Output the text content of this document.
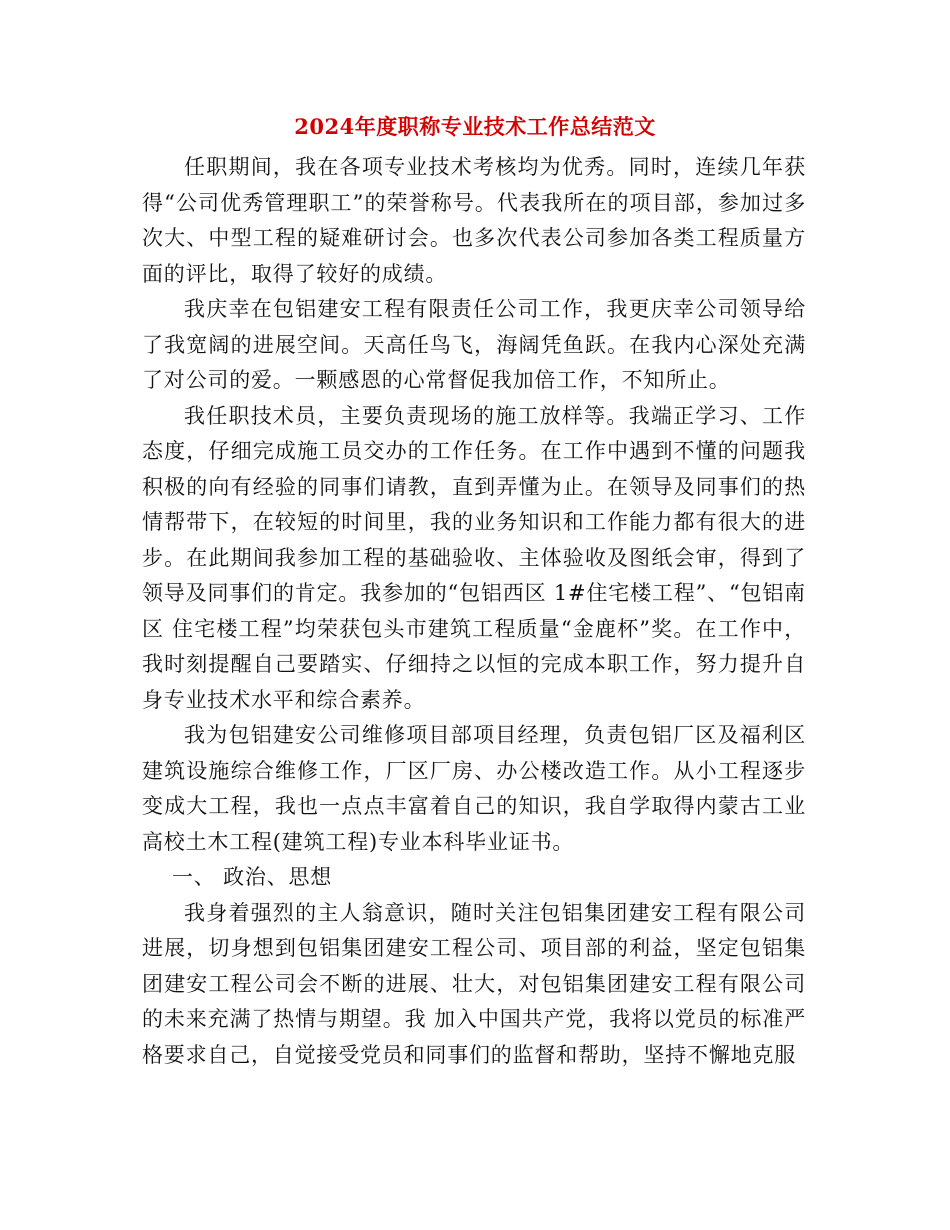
2024年度职称专业技术工作总结范文

任职期间，我在各项专业技术考核均为优秀。同时，连续几年获得“公司优秀管理职工”的荣誉称号。代表我所在的项目部，参加过多次大、中型工程的疑难研讨会。也多次代表公司参加各类工程质量方面的评比，取得了较好的成绩。

我庆幸在包铝建安工程有限责任公司工作，我更庆幸公司领导给了我宽阔的进展空间。天高任鸟飞，海阔凭鱼跃。在我内心深处充满了对公司的爱。一颗感恩的心常督促我加倍工作，不知所止。

我任职技术员，主要负责现场的施工放样等。我端正学习、工作态度，仔细完成施工员交办的工作任务。在工作中遇到不懂的问题我积极的向有经验的同事们请教，直到弄懂为止。在领导及同事们的热情帮带下，在较短的时间里，我的业务知识和工作能力都有很大的进步。在此期间我参加工程的基础验收、主体验收及图纸会审，得到了领导及同事们的肯定。我参加的“包铝西区 1#住宅楼工程”、“包铝南区 住宅楼工程”均荣获包头市建筑工程质量“金鹿杯”奖。在工作中，我时刻提醒自己要踏实、仔细持之以恒的完成本职工作，努力提升自身专业技术水平和综合素养。

我为包铝建安公司维修项目部项目经理，负责包铝厂区及福利区建筑设施综合维修工作，厂区厂房、办公楼改造工作。从小工程逐步变成大工程，我也一点点丰富着自己的知识，我自学取得内蒙古工业高校土木工程(建筑工程)专业本科毕业证书。

一、 政治、思想

我身着强烈的主人翁意识，随时关注包铝集团建安工程有限公司进展，切身想到包铝集团建安工程公司、项目部的利益，坚定包铝集团建安工程公司会不断的进展、壮大，对包铝集团建安工程有限公司的未来充满了热情与期望。我 加入中国共产党，我将以党员的标准严格要求自己，自觉接受党员和同事们的监督和帮助，坚持不懈地克服
